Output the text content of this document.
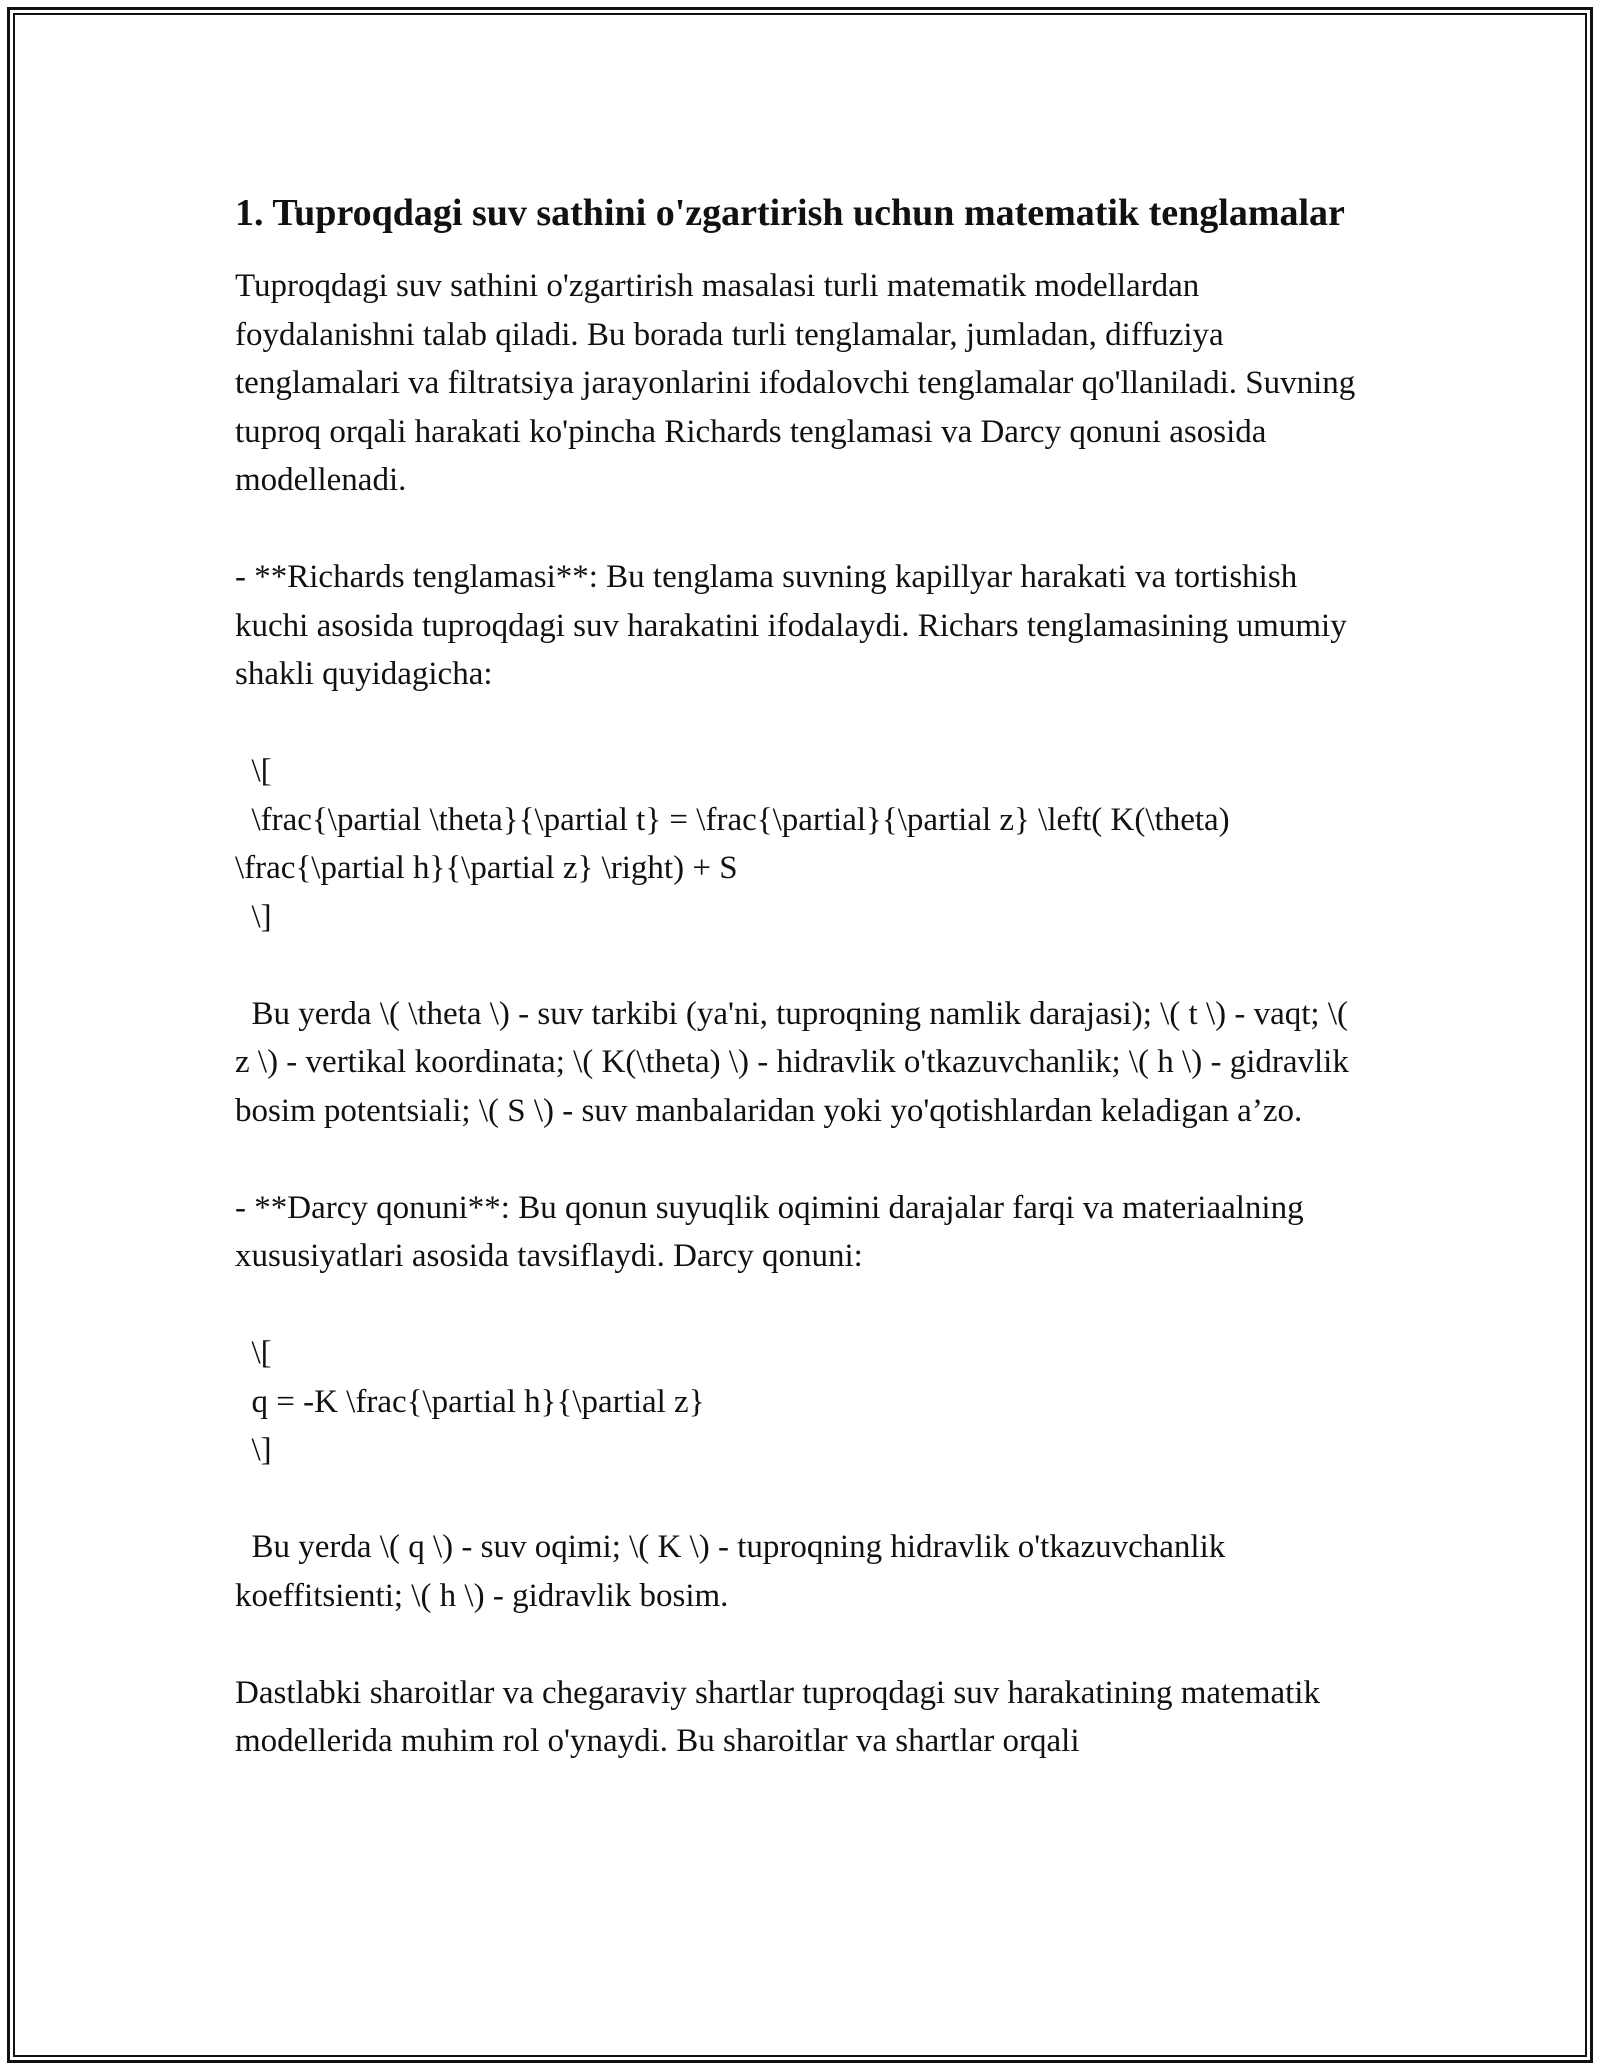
1. Tuproqdagi suv sathini o'zgartirish uchun matematik tenglamalar

Tuproqdagi suv sathini o'zgartirish masalasi turli matematik modellardan foydalanishni talab qiladi. Bu borada turli tenglamalar, jumladan, diffuziya tenglamalari va filtratsiya jarayonlarini ifodalovchi tenglamalar qo'llaniladi. Suvning tuproq orqali harakati ko'pincha Richards tenglamasi va Darcy qonuni asosida modellenadi.

- **Richards tenglamasi**: Bu tenglama suvning kapillyar harakati va tortishish kuchi asosida tuproqdagi suv harakatini ifodalaydi. Richars tenglamasining umumiy shakli quyidagicha:

\[
\frac{\partial \theta}{\partial t} = \frac{\partial}{\partial z} \left( K(\theta) \frac{\partial h}{\partial z} \right) + S
\]

Bu yerda \( \theta \) - suv tarkibi (ya'ni, tuproqning namlik darajasi); \( t \) - vaqt; \( z \) - vertikal koordinata; \( K(\theta) \) - hidravlik o'tkazuvchanlik; \( h \) - gidravlik bosim potentsiali; \( S \) - suv manbalaridan yoki yo'qotishlardan keladigan a’zo.

- **Darcy qonuni**: Bu qonun suyuqlik oqimini darajalar farqi va materiaalning xususiyatlari asosida tavsiflaydi. Darcy qonuni:

\[
q = -K \frac{\partial h}{\partial z}
\]

Bu yerda \( q \) - suv oqimi; \( K \) - tuproqning hidravlik o'tkazuvchanlik koeffitsienti; \( h \) - gidravlik bosim.

Dastlabki sharoitlar va chegaraviy shartlar tuproqdagi suv harakatining matematik modellerida muhim rol o'ynaydi. Bu sharoitlar va shartlar orqali
